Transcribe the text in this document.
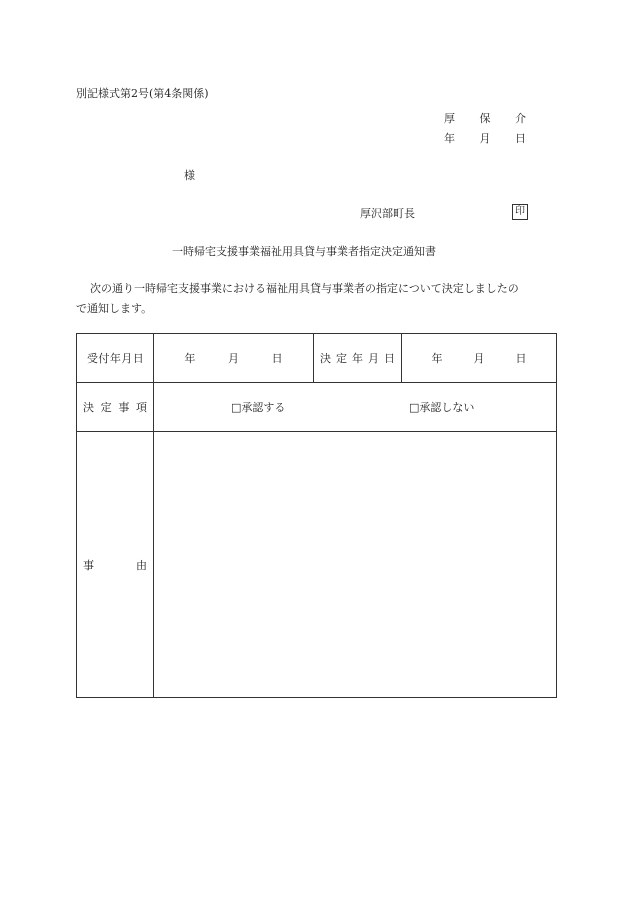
別記様式第2号(第4条関係)
厚 保 介
年 月 日
様
厚沢部町長	印
一時帰宅支援事業福祉用具貸与事業者指定決定通知書
次の通り一時帰宅支援事業における福祉用具貸与事業者の指定について決定しましたの
で通知します。
受 付 年 月 日	年 月 日	決 定 年 月 日	年 月 日

決 定 事 項	□承認する □承認しない		

事 由			
